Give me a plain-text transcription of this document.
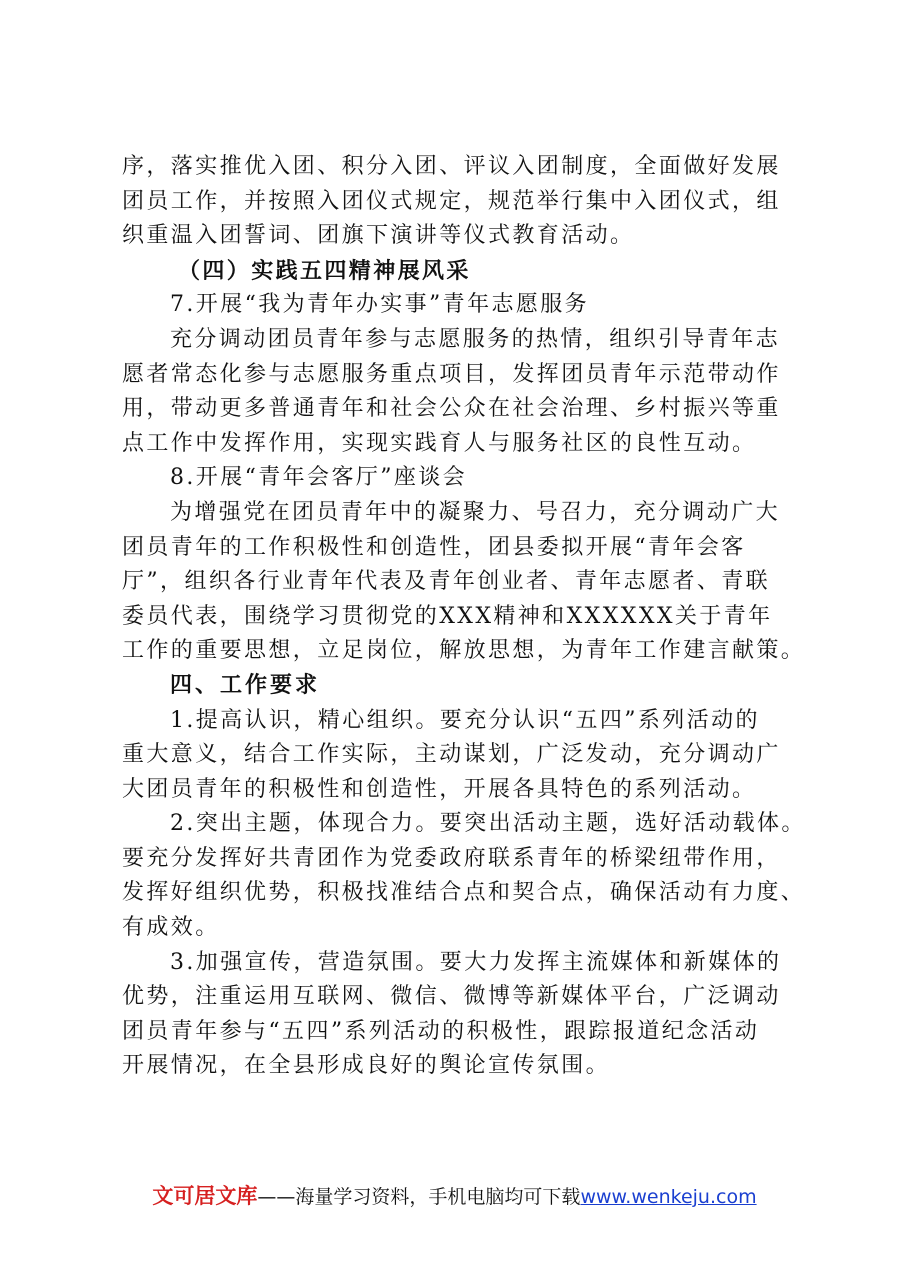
序，落实推优入团、积分入团、评议入团制度，全面做好发展
团员工作，并按照入团仪式规定，规范举行集中入团仪式，组
织重温入团誓词、团旗下演讲等仪式教育活动。
（四）实践五四精神展风采
7.开展“我为青年办实事”青年志愿服务
充分调动团员青年参与志愿服务的热情，组织引导青年志
愿者常态化参与志愿服务重点项目，发挥团员青年示范带动作
用，带动更多普通青年和社会公众在社会治理、乡村振兴等重
点工作中发挥作用，实现实践育人与服务社区的良性互动。
8.开展“青年会客厅”座谈会
为增强党在团员青年中的凝聚力、号召力，充分调动广大
团员青年的工作积极性和创造性，团县委拟开展“青年会客
厅”，组织各行业青年代表及青年创业者、青年志愿者、青联
委员代表，围绕学习贯彻党的XXX精神和XXXXXX关于青年
工作的重要思想，立足岗位，解放思想，为青年工作建言献策。
四、工作要求
1.提高认识，精心组织。要充分认识“五四”系列活动的
重大意义，结合工作实际，主动谋划，广泛发动，充分调动广
大团员青年的积极性和创造性，开展各具特色的系列活动。
2.突出主题，体现合力。要突出活动主题，选好活动载体。
要充分发挥好共青团作为党委政府联系青年的桥梁纽带作用，
发挥好组织优势，积极找准结合点和契合点，确保活动有力度、
有成效。
3.加强宣传，营造氛围。要大力发挥主流媒体和新媒体的
优势，注重运用互联网、微信、微博等新媒体平台，广泛调动
团员青年参与“五四”系列活动的积极性，跟踪报道纪念活动
开展情况，在全县形成良好的舆论宣传氛围。
文可居文库——海量学习资料，手机电脑均可下载www.wenkeju.com
